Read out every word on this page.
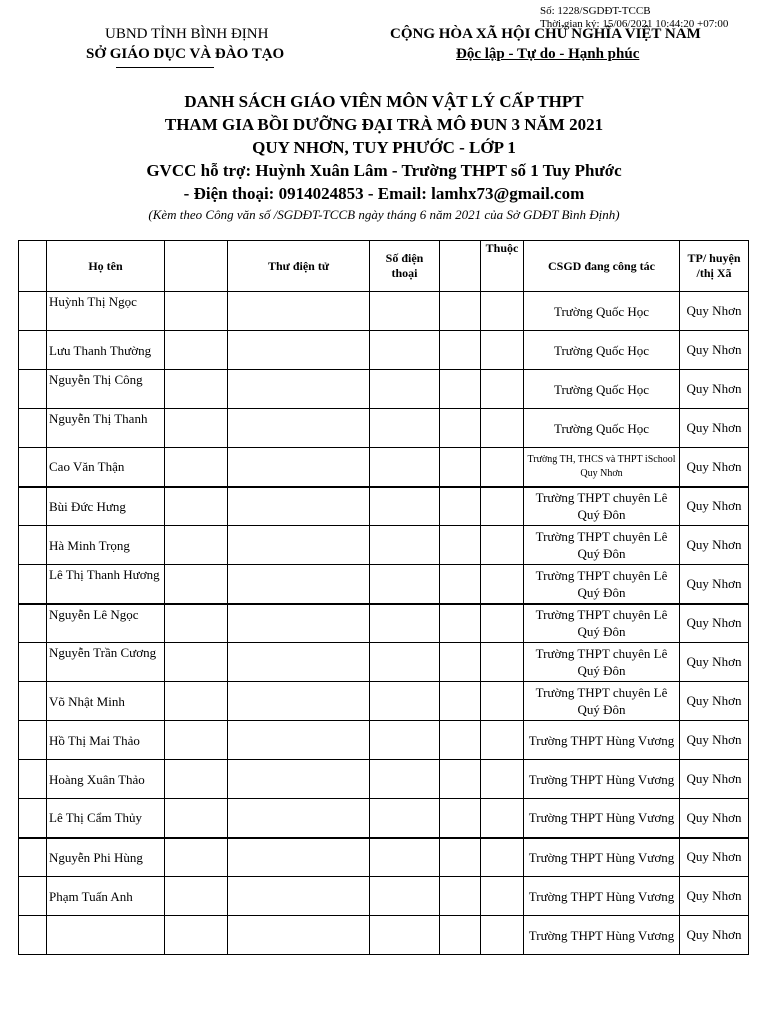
Số: 1228/SGDĐT-TCCB
Thời gian ký: 15/06/2021 10:44:20 +07:00
UBND TỈNH BÌNH ĐỊNH
SỞ GIÁO DỤC VÀ ĐÀO TẠO
CỘNG HÒA XÃ HỘI CHỦ NGHĨA VIỆT NAM
Độc lập - Tự do - Hạnh phúc
DANH SÁCH GIÁO VIÊN MÔN VẬT LÝ CẤP THPT
THAM GIA BỒI DƯỠNG ĐẠI TRÀ MÔ ĐUN 3 NĂM 2021
QUY NHƠN, TUY PHƯỚC - LỚP 1
GVCC hỗ trợ: Huỳnh Xuân Lâm - Trường THPT số 1 Tuy Phước
- Điện thoại: 0914024853 - Email: lamhx73@gmail.com
(Kèm theo Công văn số /SGDĐT-TCCB ngày tháng 6 năm 2021 của Sở GDĐT Bình Định)
	Họ tên		Thư điện tử	Số điện thoại		Thuộc	CSGD đang công tác	TP/ huyện /thị Xã
	Huỳnh Thị Ngọc						Trường Quốc Học	Quy Nhơn
	Lưu Thanh Thường						Trường Quốc Học	Quy Nhơn
	Nguyễn Thị Công						Trường Quốc Học	Quy Nhơn
	Nguyễn Thị Thanh						Trường Quốc Học	Quy Nhơn
	Cao Văn Thận						Trường TH, THCS và THPT iSchool Quy Nhơn	Quy Nhơn
	Bùi Đức Hưng						Trường THPT chuyên Lê Quý Đôn	Quy Nhơn
	Hà Minh Trọng						Trường THPT chuyên Lê Quý Đôn	Quy Nhơn
	Lê Thị Thanh Hương						Trường THPT chuyên Lê Quý Đôn	Quy Nhơn
	Nguyễn Lê Ngọc						Trường THPT chuyên Lê Quý Đôn	Quy Nhơn
	Nguyễn Trần Cương						Trường THPT chuyên Lê Quý Đôn	Quy Nhơn
	Võ Nhật Minh						Trường THPT chuyên Lê Quý Đôn	Quy Nhơn
	Hồ Thị Mai Thảo						Trường THPT Hùng Vương	Quy Nhơn
	Hoàng Xuân Thảo						Trường THPT Hùng Vương	Quy Nhơn
	Lê Thị Cẩm Thủy						Trường THPT Hùng Vương	Quy Nhơn
	Nguyễn Phi Hùng						Trường THPT Hùng Vương	Quy Nhơn
	Phạm Tuấn Anh						Trường THPT Hùng Vương	Quy Nhơn
							Trường THPT Hùng Vương	Quy Nhơn
